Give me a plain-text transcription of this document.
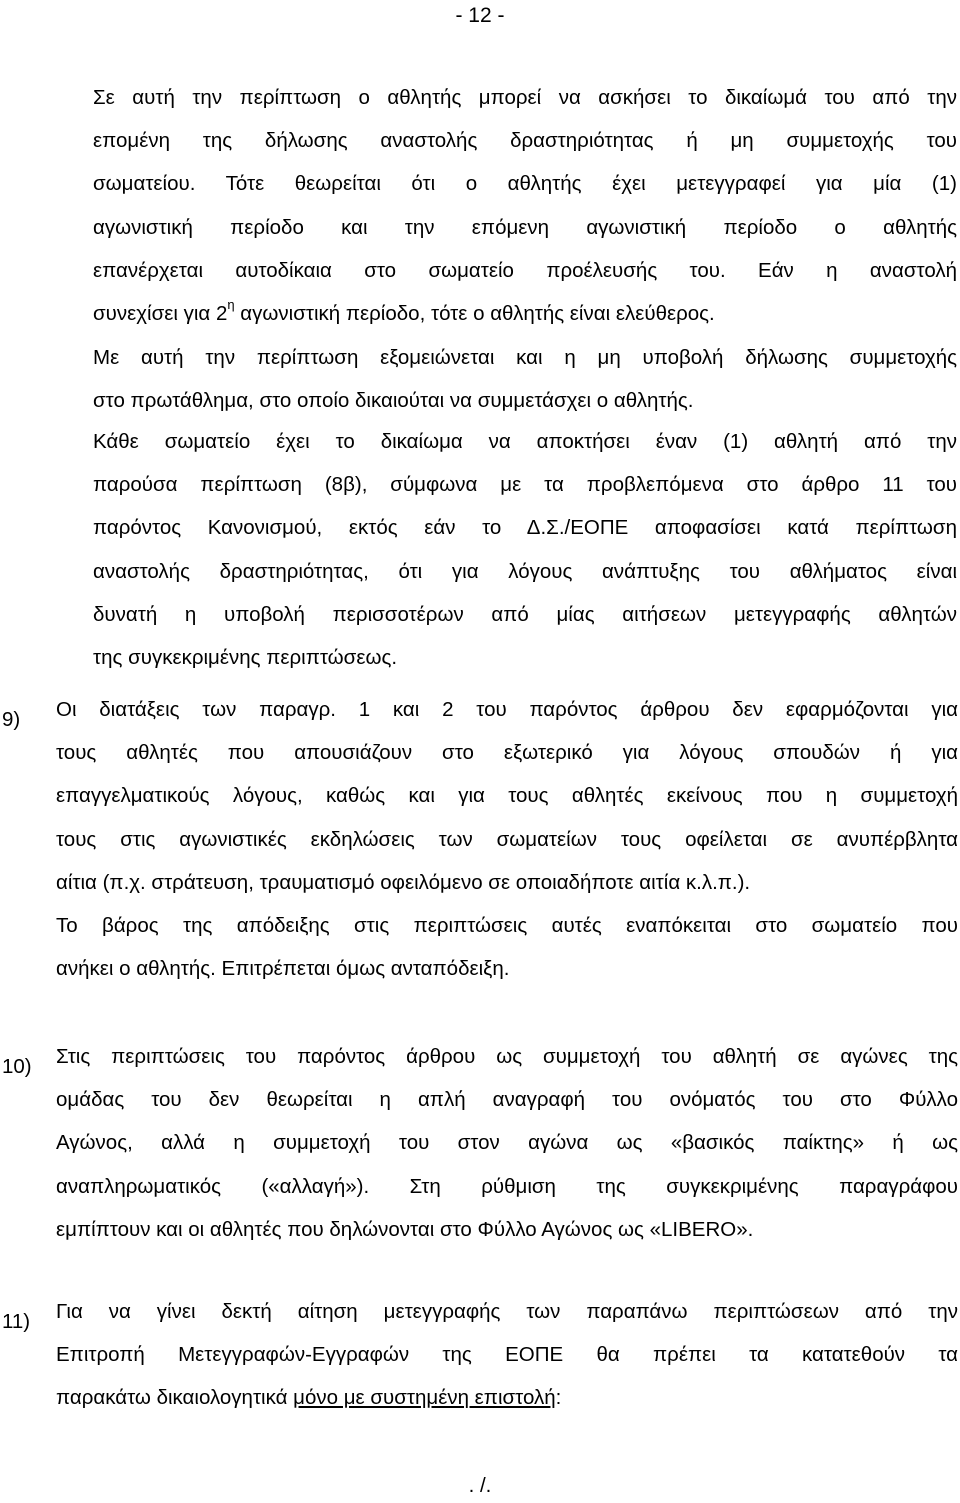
- 12 -
Σε αυτή την περίπτωση ο αθλητής μπορεί να ασκήσει το δικαίωμά του από την
επομένη της δήλωσης αναστολής δραστηριότητας ή μη συμμετοχής του
σωματείου. Τότε θεωρείται ότι ο αθλητής έχει μετεγγραφεί για μία (1)
αγωνιστική περίοδο και την επόμενη αγωνιστική περίοδο ο αθλητής
επανέρχεται αυτοδίκαια στο σωματείο προέλευσής του. Εάν η αναστολή
συνεχίσει για $2^\eta$ αγωνιστική περίοδο, τότε ο αθλητής είναι ελεύθερος.
Με αυτή την περίπτωση εξομειώνεται και η μη υποβολή δήλωσης συμμετοχής
στο πρωτάθλημα, στο οποίο δικαιούται να συμμετάσχει ο αθλητής.
Κάθε σωματείο έχει το δικαίωμα να αποκτήσει έναν (1) αθλητή από την
παρούσα περίπτωση (8β), σύμφωνα με τα προβλεπόμενα στο άρθρο 11 του
παρόντος Κανονισμού, εκτός εάν το Δ.Σ./ΕΟΠΕ αποφασίσει κατά περίπτωση
αναστολής δραστηριότητας, ότι για λόγους ανάπτυξης του αθλήματος είναι
δυνατή η υποβολή περισσοτέρων από μίας αιτήσεων μετεγγραφής αθλητών
της συγκεκριμένης περιπτώσεως.
9) Οι διατάξεις των παραγρ. 1 και 2 του παρόντος άρθρου δεν εφαρμόζονται για
τους αθλητές που απουσιάζουν στο εξωτερικό για λόγους σπουδών ή για
επαγγελματικούς λόγους, καθώς και για τους αθλητές εκείνους που η συμμετοχή
τους στις αγωνιστικές εκδηλώσεις των σωματείων τους οφείλεται σε ανυπέρβλητα
αίτια (π.χ. στράτευση, τραυματισμό οφειλόμενο σε οποιαδήποτε αιτία κ.λ.π.).
Το βάρος της απόδειξης στις περιπτώσεις αυτές εναπόκειται στο σωματείο που
ανήκει ο αθλητής. Επιτρέπεται όμως ανταπόδειξη.
10) Στις περιπτώσεις του παρόντος άρθρου ως συμμετοχή του αθλητή σε αγώνες της
ομάδας του δεν θεωρείται η απλή αναγραφή του ονόματός του στο Φύλλο
Αγώνος, αλλά η συμμετοχή του στον αγώνα ως «βασικός παίκτης» ή ως
αναπληρωματικός («αλλαγή»). Στη ρύθμιση της συγκεκριμένης παραγράφου
εμπίπτουν και οι αθλητές που δηλώνονται στο Φύλλο Αγώνος ως «LIBERO».
11) Για να γίνει δεκτή αίτηση μετεγγραφής των παραπάνω περιπτώσεων από την
Επιτροπή Μετεγγραφών-Εγγραφών της ΕΟΠΕ θα πρέπει τα κατατεθούν τα
παρακάτω δικαιολογητικά μόνο με συστημένη επιστολή:
. /.
